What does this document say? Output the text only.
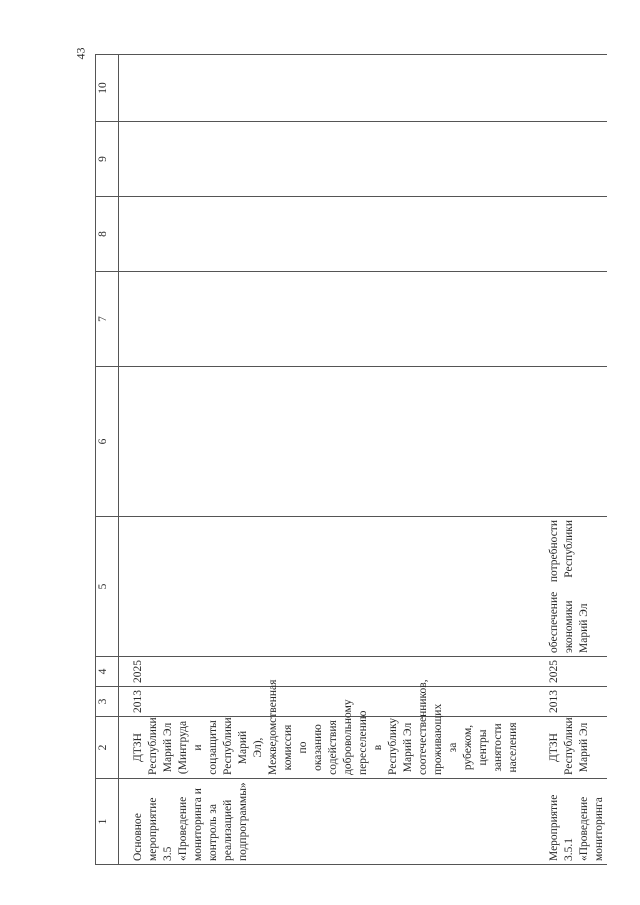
43
1	2	3	4	5	6	7	8	9	10
Основное мероприятие 3.5 «Проведение мониторинга и контроль за реализацией подпрограммы»	ДТЗН Республики Марий Эл (Минтруда и соцзащиты Республики Марий Эл), Межведомственная комиссия по оказанию содействия добровольному переселению в Республику Марий Эл соотечественников, проживающих за рубежом, центры занятости населения	2013	2025						
Мероприятие 3.5.1 «Проведение мониторинга	ДТЗН Республики Марий Эл	2013	2025	обеспечение потребности экономики Республики Марий Эл					
